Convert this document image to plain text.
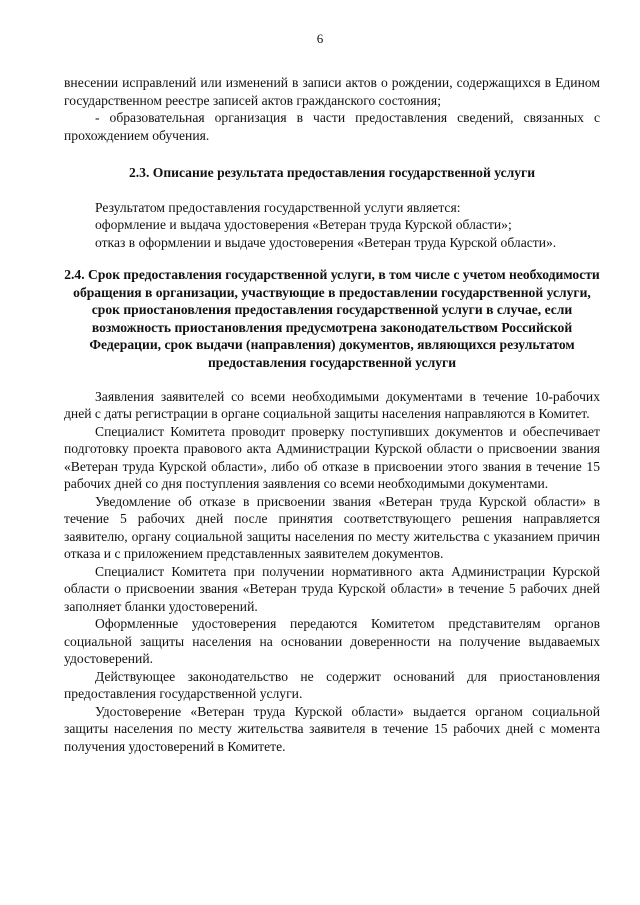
6

внесении исправлений или изменений в записи актов о рождении, содержащихся в Едином государственном реестре записей актов гражданского состояния;

- образовательная организация в части предоставления сведений, связанных с прохождением обучения.

2.3. Описание результата предоставления государственной услуги

Результатом предоставления государственной услуги является:

оформление и выдача удостоверения «Ветеран труда Курской области»;

отказ в оформлении и выдаче удостоверения «Ветеран труда Курской области».

2.4. Срок предоставления государственной услуги, в том числе с учетом необходимости обращения в организации, участвующие в предоставлении государственной услуги, срок приостановления предоставления государственной услуги в случае, если возможность приостановления предусмотрена законодательством Российской Федерации, срок выдачи (направления) документов, являющихся результатом предоставления государственной услуги

Заявления заявителей со всеми необходимыми документами в течение 10-рабочих дней с даты регистрации в органе социальной защиты населения направляются в Комитет.

Специалист Комитета проводит проверку поступивших документов и обеспечивает подготовку проекта правового акта Администрации Курской области о присвоении звания «Ветеран труда Курской области», либо об отказе в присвоении этого звания в течение 15 рабочих дней со дня поступления заявления со всеми необходимыми документами.

Уведомление об отказе в присвоении звания «Ветеран труда Курской области» в течение 5 рабочих дней после принятия соответствующего решения направляется заявителю, органу социальной защиты населения по месту жительства с указанием причин отказа и с приложением представленных заявителем документов.

Специалист Комитета при получении нормативного акта Администрации Курской области о присвоении звания «Ветеран труда Курской области» в течение 5 рабочих дней заполняет бланки удостоверений.

Оформленные удостоверения передаются Комитетом представителям органов социальной защиты населения на основании доверенности на получение выдаваемых удостоверений.

Действующее законодательство не содержит оснований для приостановления предоставления государственной услуги.

Удостоверение «Ветеран труда Курской области» выдается органом социальной защиты населения по месту жительства заявителя в течение 15 рабочих дней с момента получения удостоверений в Комитете.
